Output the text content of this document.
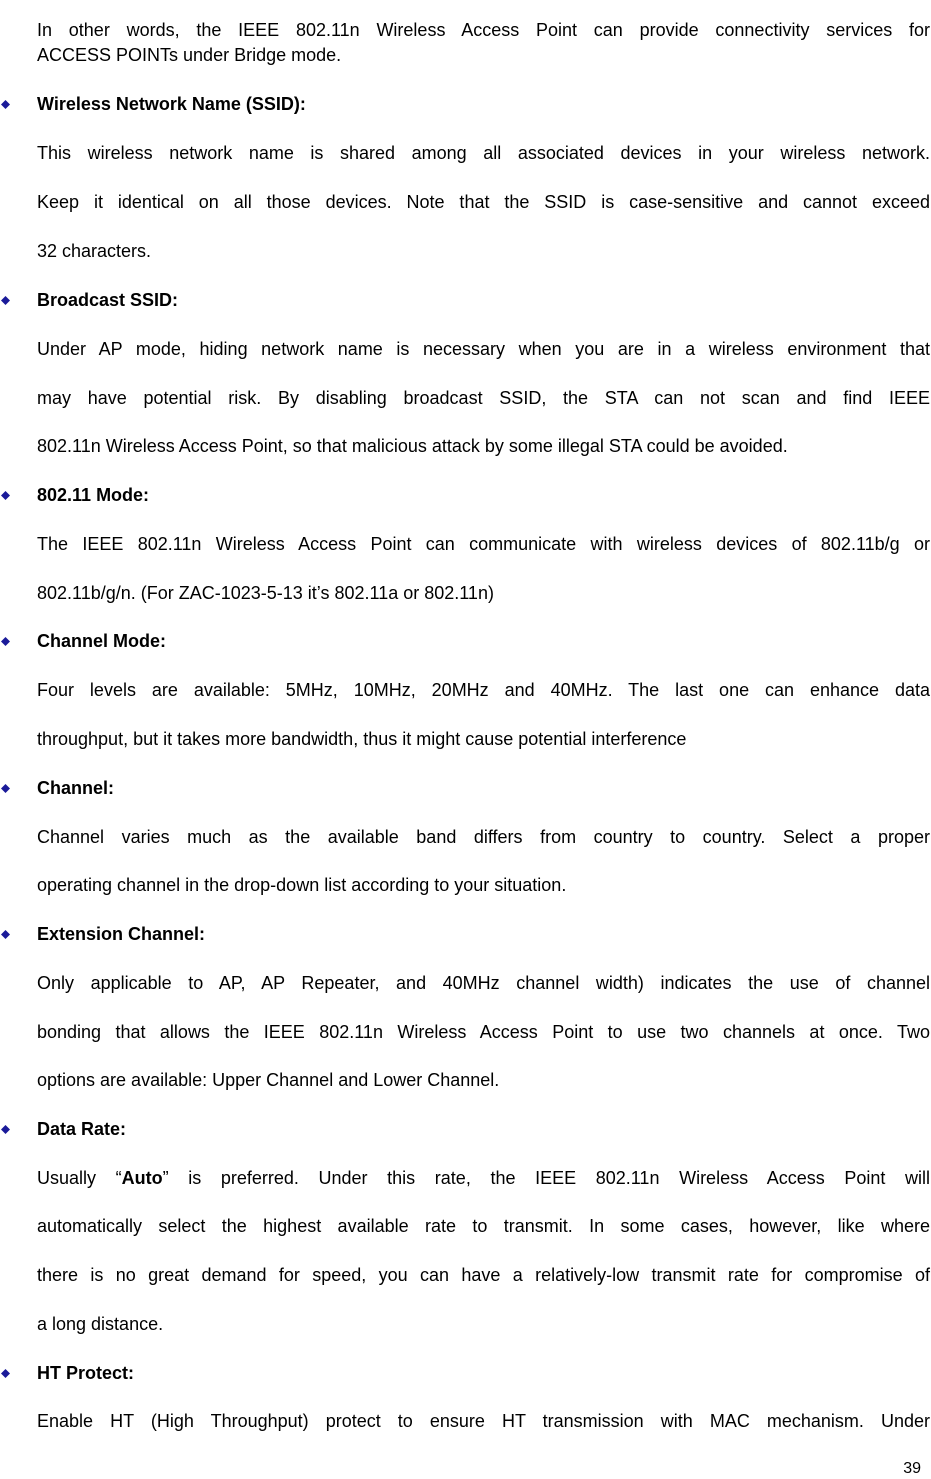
In other words, the IEEE 802.11n Wireless Access Point can provide connectivity services for
ACCESS POINTs under Bridge mode.
Wireless Network Name (SSID):
This wireless network name is shared among all associated devices in your wireless network.
Keep it identical on all those devices. Note that the SSID is case-sensitive and cannot exceed
32 characters.
Broadcast SSID:
Under AP mode, hiding network name is necessary when you are in a wireless environment that
may have potential risk. By disabling broadcast SSID, the STA can not scan and find IEEE
802.11n Wireless Access Point, so that malicious attack by some illegal STA could be avoided.
802.11 Mode:
The IEEE 802.11n Wireless Access Point can communicate with wireless devices of 802.11b/g or
802.11b/g/n. (For ZAC-1023-5-13 it’s 802.11a or 802.11n)
Channel Mode:
Four levels are available: 5MHz, 10MHz, 20MHz and 40MHz. The last one can enhance data
throughput, but it takes more bandwidth, thus it might cause potential interference
Channel:
Channel varies much as the available band differs from country to country. Select a proper
operating channel in the drop-down list according to your situation.
Extension Channel:
Only applicable to AP, AP Repeater, and 40MHz channel width) indicates the use of channel
bonding that allows the IEEE 802.11n Wireless Access Point to use two channels at once. Two
options are available: Upper Channel and Lower Channel.
Data Rate:
Usually  “Auto”  is  preferred.  Under  this  rate,  the  IEEE  802.11n  Wireless  Access  Point  will
automatically select the highest available rate to transmit. In some cases, however, like where
there is no great demand for speed, you can have a relatively-low transmit rate for compromise of
a long distance.
HT Protect:
Enable HT (High Throughput) protect to ensure HT transmission with MAC mechanism. Under
39
